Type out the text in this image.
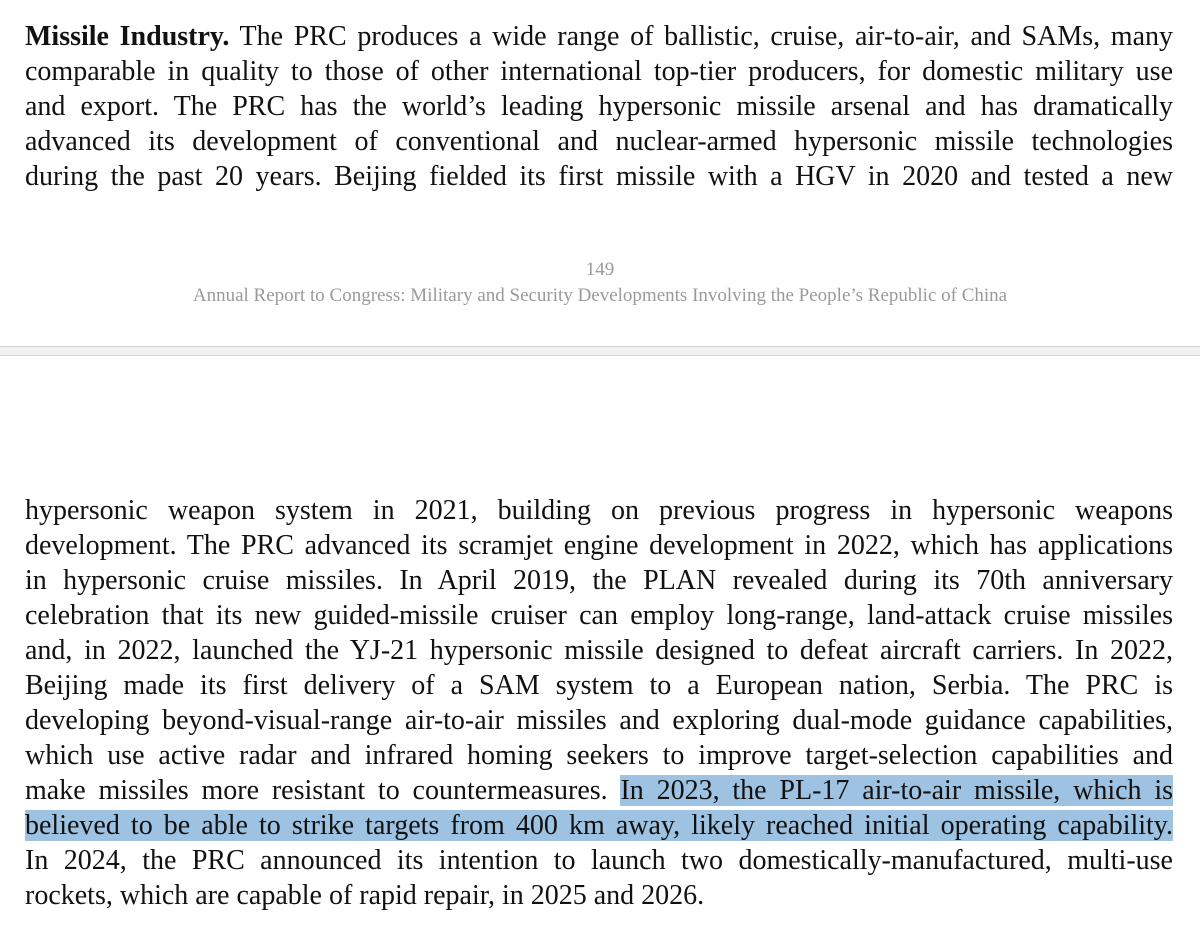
Missile Industry. The PRC produces a wide range of ballistic, cruise, air-to-air, and SAMs, many
comparable in quality to those of other international top-tier producers, for domestic military use
and export. The PRC has the world’s leading hypersonic missile arsenal and has dramatically
advanced its development of conventional and nuclear-armed hypersonic missile technologies
during the past 20 years. Beijing fielded its first missile with a HGV in 2020 and tested a new
149
Annual Report to Congress: Military and Security Developments Involving the People’s Republic of China
hypersonic weapon system in 2021, building on previous progress in hypersonic weapons
development. The PRC advanced its scramjet engine development in 2022, which has applications
in hypersonic cruise missiles. In April 2019, the PLAN revealed during its 70th anniversary
celebration that its new guided-missile cruiser can employ long-range, land-attack cruise missiles
and, in 2022, launched the YJ-21 hypersonic missile designed to defeat aircraft carriers. In 2022,
Beijing made its first delivery of a SAM system to a European nation, Serbia. The PRC is
developing beyond-visual-range air-to-air missiles and exploring dual-mode guidance capabilities,
which use active radar and infrared homing seekers to improve target-selection capabilities and
make missiles more resistant to countermeasures. In 2023, the PL-17 air-to-air missile, which is
believed to be able to strike targets from 400 km away, likely reached initial operating capability.
In 2024, the PRC announced its intention to launch two domestically-manufactured, multi-use
rockets, which are capable of rapid repair, in 2025 and 2026.
